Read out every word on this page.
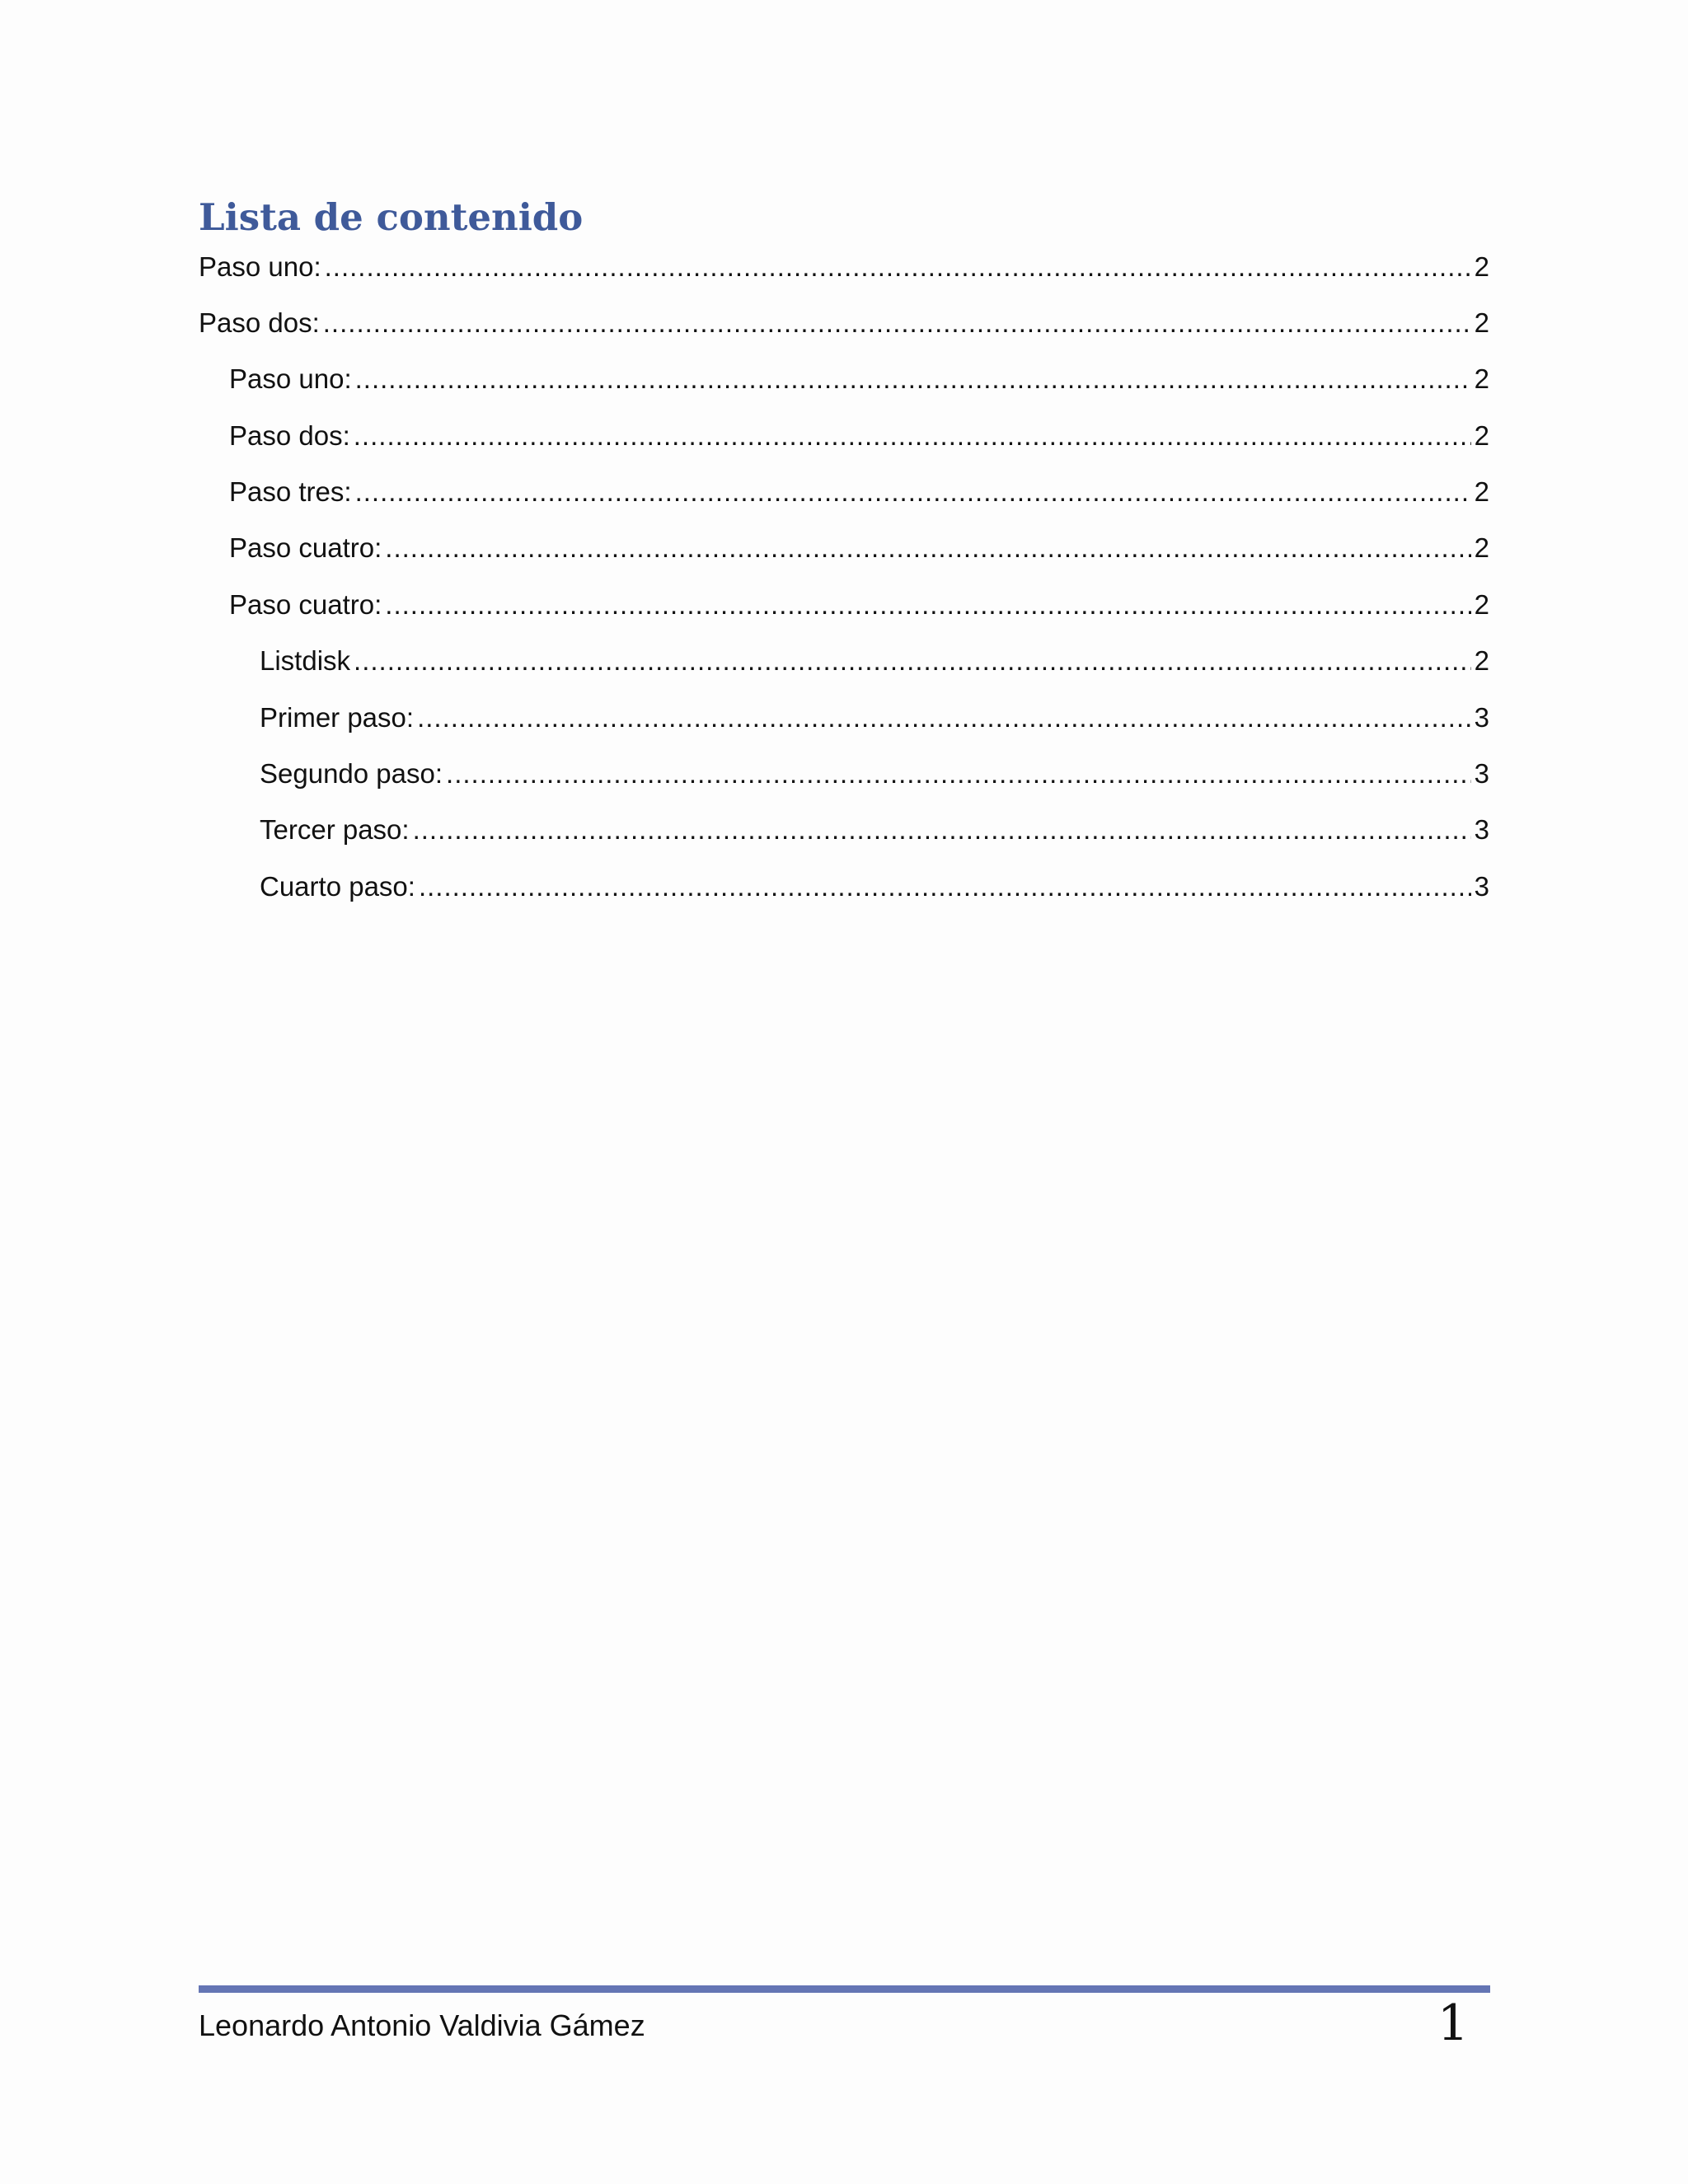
Lista de contenido
Paso uno: .....	2
Paso dos: .....	2
Paso uno: .....	2
Paso dos: .....	2
Paso tres: .....	2
Paso cuatro: .....	2
Paso cuatro: .....	2
Listdisk .....	2
Primer paso: .....	3
Segundo paso: .....	3
Tercer paso: .....	3
Cuarto paso: .....	3
Leonardo Antonio Valdivia Gámez	1
